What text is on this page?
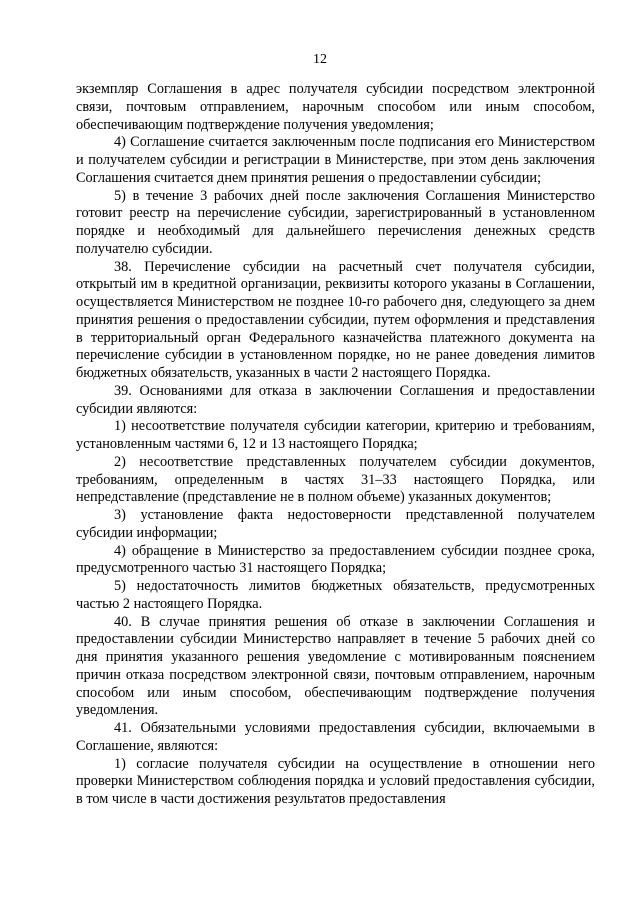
12

экземпляр Соглашения в адрес получателя субсидии посредством электронной связи, почтовым отправлением, нарочным способом или иным способом, обеспечивающим подтверждение получения уведомления;

4) Соглашение считается заключенным после подписания его Министерством и получателем субсидии и регистрации в Министерстве, при этом день заключения Соглашения считается днем принятия решения о предоставлении субсидии;

5) в течение 3 рабочих дней после заключения Соглашения Министерство готовит реестр на перечисление субсидии, зарегистрированный в установленном порядке и необходимый для дальнейшего перечисления денежных средств получателю субсидии.

38. Перечисление субсидии на расчетный счет получателя субсидии, открытый им в кредитной организации, реквизиты которого указаны в Соглашении, осуществляется Министерством не позднее 10-го рабочего дня, следующего за днем принятия решения о предоставлении субсидии, путем оформления и представления в территориальный орган Федерального казначейства платежного документа на перечисление субсидии в установленном порядке, но не ранее доведения лимитов бюджетных обязательств, указанных в части 2 настоящего Порядка.

39. Основаниями для отказа в заключении Соглашения и предоставлении субсидии являются:

1) несоответствие получателя субсидии категории, критерию и требованиям, установленным частями 6, 12 и 13 настоящего Порядка;

2) несоответствие представленных получателем субсидии документов, требованиям, определенным в частях 31–33 настоящего Порядка, или непредставление (представление не в полном объеме) указанных документов;

3) установление факта недостоверности представленной получателем субсидии информации;

4) обращение в Министерство за предоставлением субсидии позднее срока, предусмотренного частью 31 настоящего Порядка;

5) недостаточность лимитов бюджетных обязательств, предусмотренных частью 2 настоящего Порядка.

40. В случае принятия решения об отказе в заключении Соглашения и предоставлении субсидии Министерство направляет в течение 5 рабочих дней со дня принятия указанного решения уведомление с мотивированным пояснением причин отказа посредством электронной связи, почтовым отправлением, нарочным способом или иным способом, обеспечивающим подтверждение получения уведомления.

41. Обязательными условиями предоставления субсидии, включаемыми в Соглашение, являются:

1) согласие получателя субсидии на осуществление в отношении него проверки Министерством соблюдения порядка и условий предоставления субсидии, в том числе в части достижения результатов предоставления
